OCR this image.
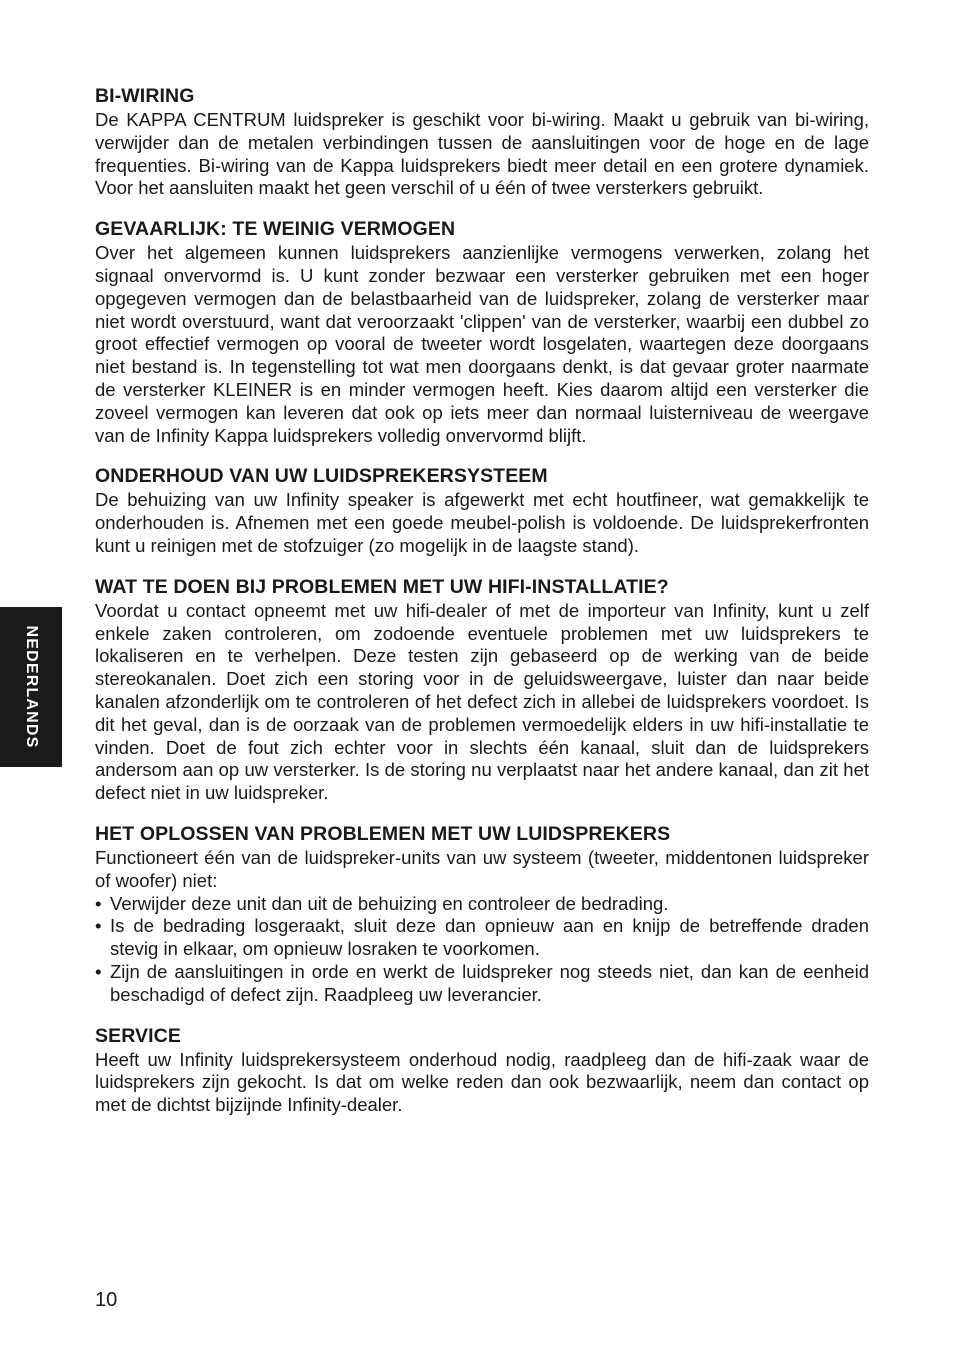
NEDERLANDS
BI-WIRING

De KAPPA CENTRUM luidspreker is geschikt voor bi-wiring. Maakt u gebruik van bi-wiring, verwijder dan de metalen verbindingen tussen de aansluitingen voor de hoge en de lage frequenties. Bi-wiring van de Kappa luidsprekers biedt meer detail en een grotere dynamiek. Voor het aansluiten maakt het geen verschil of u één of twee versterkers gebruikt.

GEVAARLIJK: TE WEINIG VERMOGEN

Over het algemeen kunnen luidsprekers aanzienlijke vermogens verwerken, zolang het signaal onvervormd is. U kunt zonder bezwaar een versterker gebruiken met een hoger opgegeven vermogen dan de belastbaarheid van de luidspreker, zolang de versterker maar niet wordt overstuurd, want dat veroorzaakt 'clippen' van de versterker, waarbij een dubbel zo groot effectief vermogen op vooral de tweeter wordt losgelaten, waartegen deze doorgaans niet bestand is. In tegenstelling tot wat men doorgaans denkt, is dat gevaar groter naarmate de versterker KLEINER is en minder vermogen heeft. Kies daarom altijd een versterker die zoveel vermogen kan leveren dat ook op iets meer dan normaal luisterniveau de weergave van de Infinity Kappa luidsprekers volledig onvervormd blijft.

ONDERHOUD VAN UW LUIDSPREKERSYSTEEM

De behuizing van uw Infinity speaker is afgewerkt met echt houtfineer, wat gemakkelijk te onderhouden is. Afnemen met een goede meubel-polish is voldoende. De luidsprekerfronten kunt u reinigen met de stofzuiger (zo mogelijk in de laagste stand).

WAT TE DOEN BIJ PROBLEMEN MET UW HIFI-INSTALLATIE?

Voordat u contact opneemt met uw hifi-dealer of met de importeur van Infinity, kunt u zelf enkele zaken controleren, om zodoende eventuele problemen met uw luidsprekers te lokaliseren en te verhelpen. Deze testen zijn gebaseerd op de werking van de beide stereokanalen. Doet zich een storing voor in de geluidsweergave, luister dan naar beide kanalen afzonderlijk om te controleren of het defect zich in allebei de luidsprekers voordoet. Is dit het geval, dan is de oorzaak van de problemen vermoedelijk elders in uw hifi-installatie te vinden. Doet de fout zich echter voor in slechts één kanaal, sluit dan de luidsprekers andersom aan op uw versterker. Is de storing nu verplaatst naar het andere kanaal, dan zit het defect niet in uw luidspreker.

HET OPLOSSEN VAN PROBLEMEN MET UW LUIDSPREKERS

Functioneert één van de luidspreker-units van uw systeem (tweeter, middentonen luidspreker of woofer) niet:

• Verwijder deze unit dan uit de behuizing en controleer de bedrading.
• Is de bedrading losgeraakt, sluit deze dan opnieuw aan en knijp de betreffende draden stevig in elkaar, om opnieuw losraken te voorkomen.
• Zijn de aansluitingen in orde en werkt de luidspreker nog steeds niet, dan kan de eenheid beschadigd of defect zijn. Raadpleeg uw leverancier.
SERVICE

Heeft uw Infinity luidsprekersysteem onderhoud nodig, raadpleeg dan de hifi-zaak waar de luidsprekers zijn gekocht. Is dat om welke reden dan ook bezwaarlijk, neem dan contact op met de dichtst bijzijnde Infinity-dealer.

10
